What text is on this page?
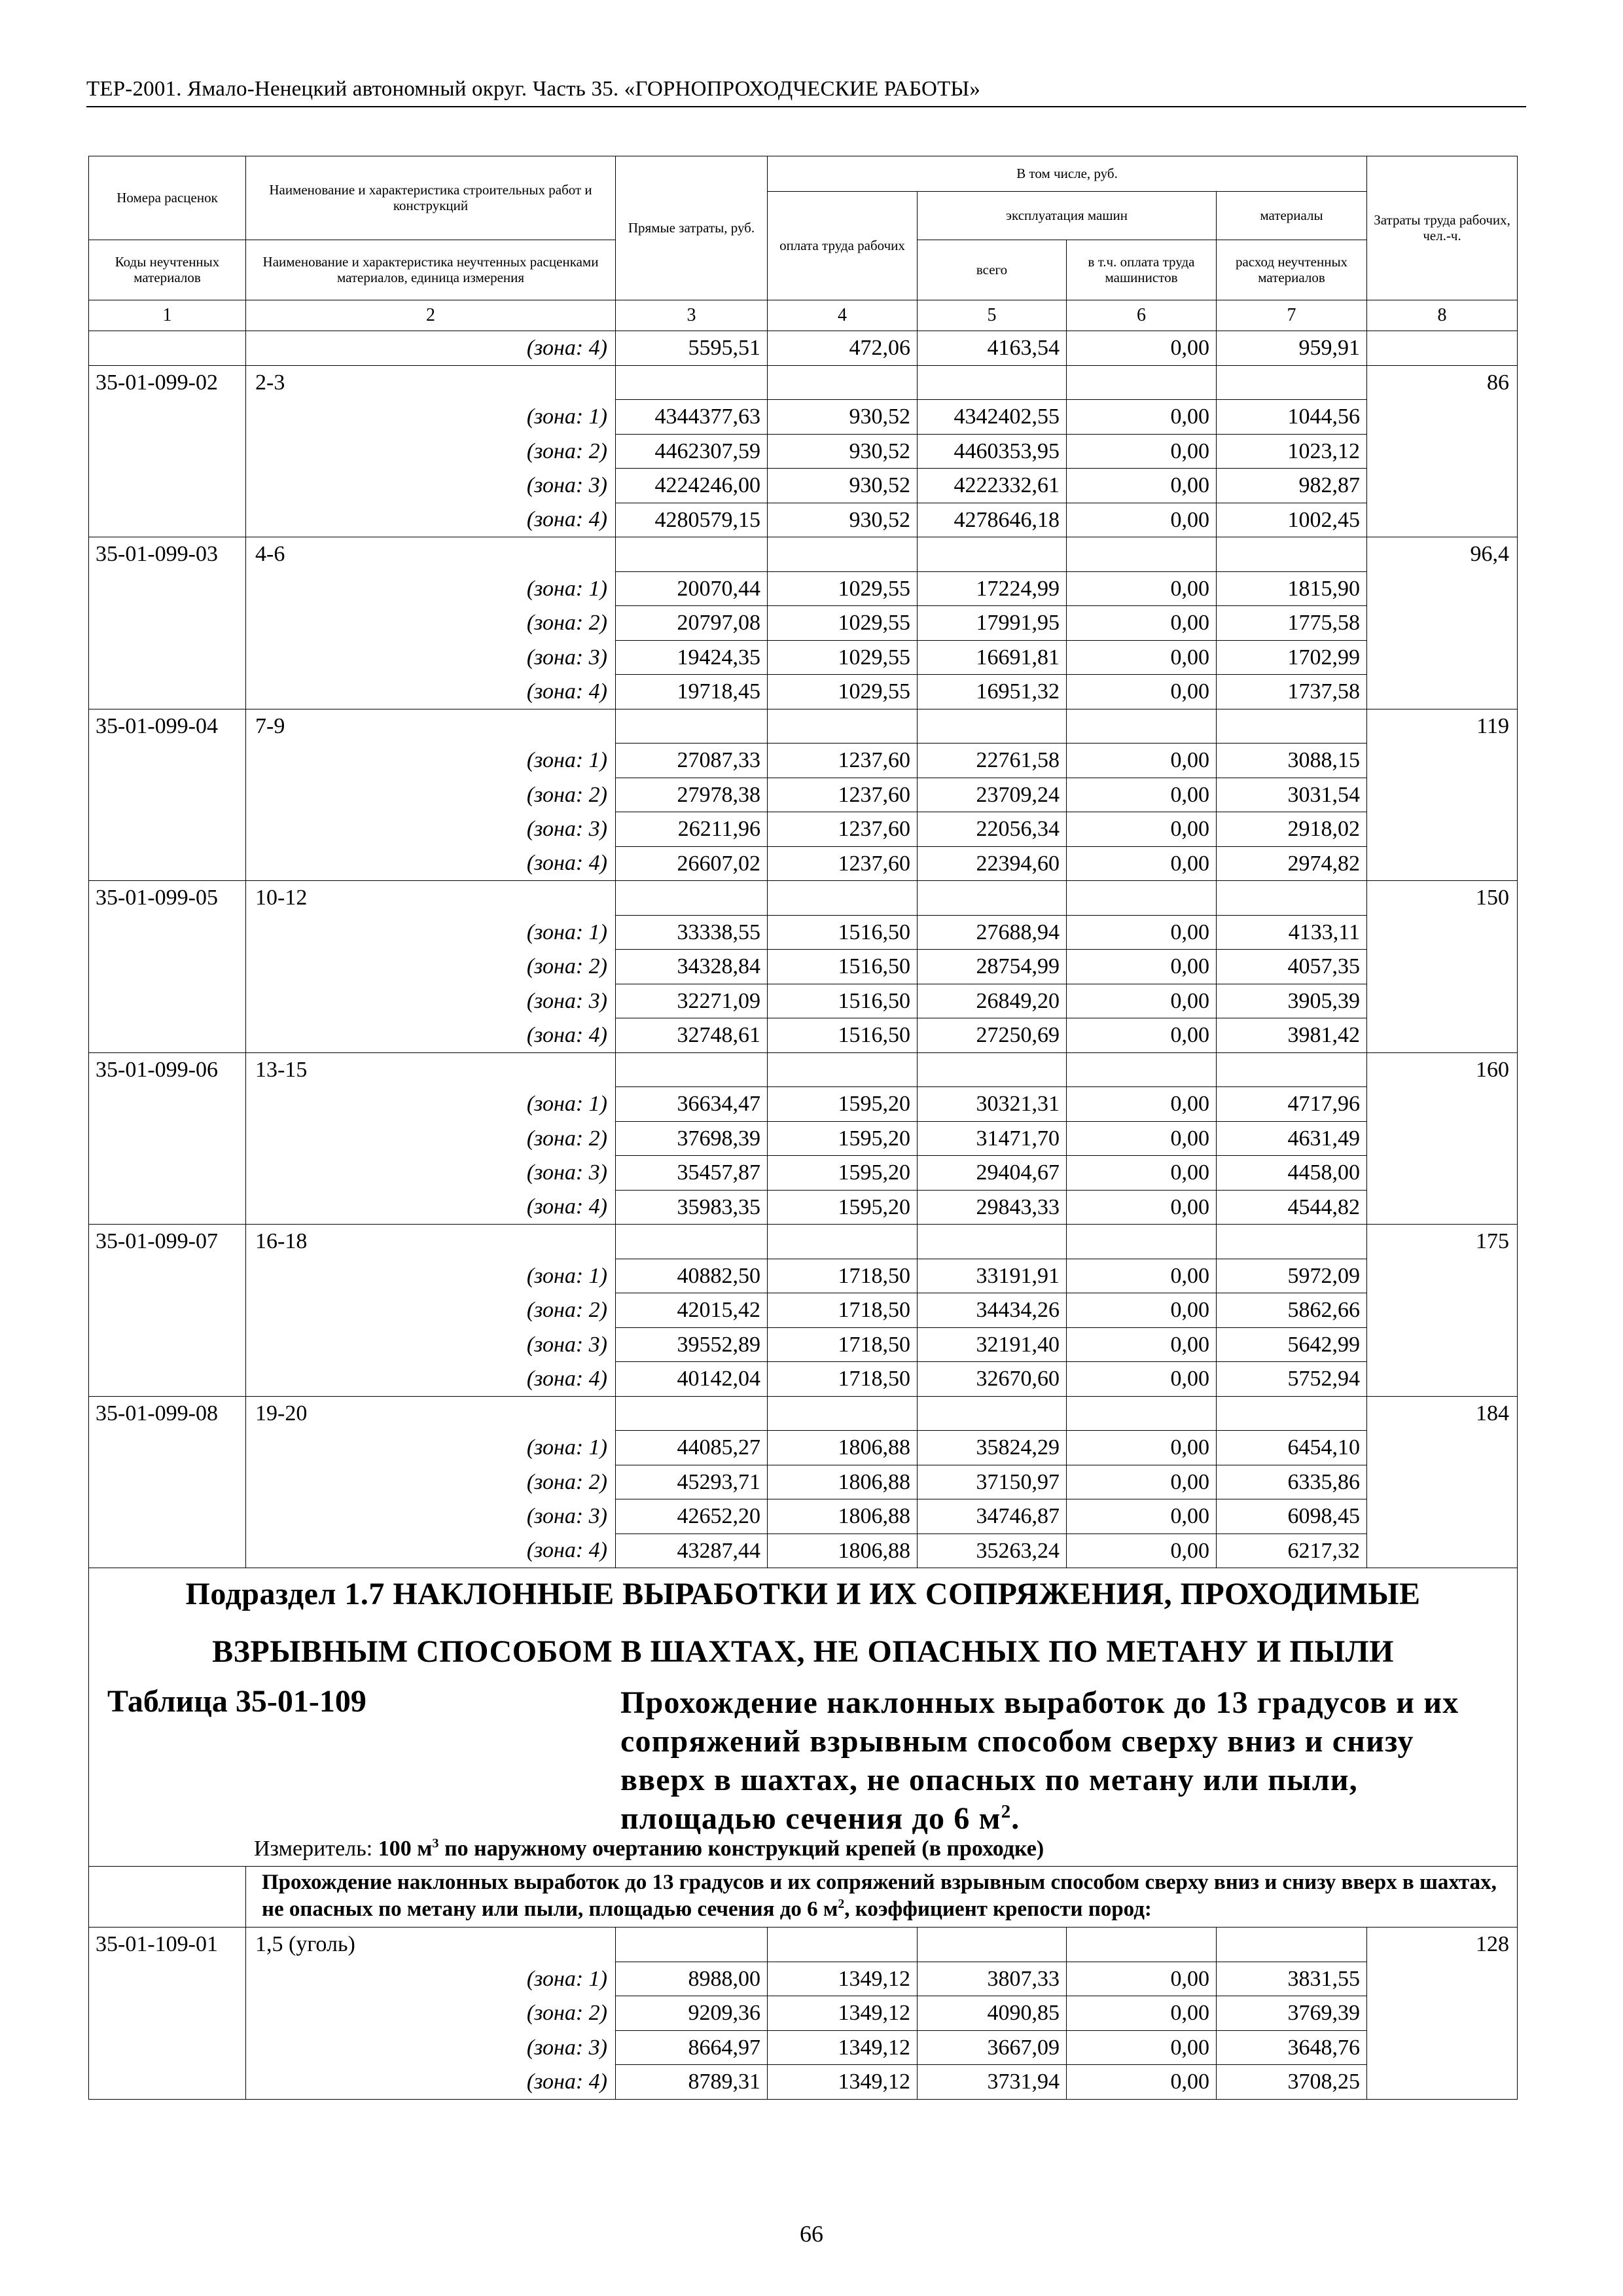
ТЕР-2001. Ямало-Ненецкий автономный округ. Часть 35. «ГОРНОПРОХОДЧЕСКИЕ РАБОТЫ»
Номера расценок	Наименование и характеристика строительных работ и конструкций	Прямые затраты, руб.	В том числе, руб.				Затраты труда рабочих, чел.-ч.
			оплата труда рабочих	эксплуатация машин		материалы	
Коды неучтенных материалов	Наименование и характеристика неучтенных расценками материалов, единица измерения			всего	в т.ч. оплата труда машинистов	расход неучтенных материалов	
1	2	3	4	5	6	7	8
	(зона: 4)	5595,51	472,06	4163,54	0,00	959,91	
35-01-099-02	2-3						86
	(зона: 1)	4344377,63	930,52	4342402,55	0,00	1044,56	
	(зона: 2)	4462307,59	930,52	4460353,95	0,00	1023,12	
	(зона: 3)	4224246,00	930,52	4222332,61	0,00	982,87	
	(зона: 4)	4280579,15	930,52	4278646,18	0,00	1002,45	
35-01-099-03	4-6						96,4
	(зона: 1)	20070,44	1029,55	17224,99	0,00	1815,90	
	(зона: 2)	20797,08	1029,55	17991,95	0,00	1775,58	
	(зона: 3)	19424,35	1029,55	16691,81	0,00	1702,99	
	(зона: 4)	19718,45	1029,55	16951,32	0,00	1737,58	
35-01-099-04	7-9						119
	(зона: 1)	27087,33	1237,60	22761,58	0,00	3088,15	
	(зона: 2)	27978,38	1237,60	23709,24	0,00	3031,54	
	(зона: 3)	26211,96	1237,60	22056,34	0,00	2918,02	
	(зона: 4)	26607,02	1237,60	22394,60	0,00	2974,82	
35-01-099-05	10-12						150
	(зона: 1)	33338,55	1516,50	27688,94	0,00	4133,11	
	(зона: 2)	34328,84	1516,50	28754,99	0,00	4057,35	
	(зона: 3)	32271,09	1516,50	26849,20	0,00	3905,39	
	(зона: 4)	32748,61	1516,50	27250,69	0,00	3981,42	
35-01-099-06	13-15						160
	(зона: 1)	36634,47	1595,20	30321,31	0,00	4717,96	
	(зона: 2)	37698,39	1595,20	31471,70	0,00	4631,49	
	(зона: 3)	35457,87	1595,20	29404,67	0,00	4458,00	
	(зона: 4)	35983,35	1595,20	29843,33	0,00	4544,82	
35-01-099-07	16-18						175
	(зона: 1)	40882,50	1718,50	33191,91	0,00	5972,09	
	(зона: 2)	42015,42	1718,50	34434,26	0,00	5862,66	
	(зона: 3)	39552,89	1718,50	32191,40	0,00	5642,99	
	(зона: 4)	40142,04	1718,50	32670,60	0,00	5752,94	
35-01-099-08	19-20						184
	(зона: 1)	44085,27	1806,88	35824,29	0,00	6454,10	
	(зона: 2)	45293,71	1806,88	37150,97	0,00	6335,86	
	(зона: 3)	42652,20	1806,88	34746,87	0,00	6098,45	
	(зона: 4)	43287,44	1806,88	35263,24	0,00	6217,32	

Подраздел 1.7 НАКЛОННЫЕ ВЫРАБОТКИ И ИХ СОПРЯЖЕНИЯ, ПРОХОДИМЫЕ
ВЗРЫВНЫМ СПОСОБОМ В ШАХТАХ, НЕ ОПАСНЫХ ПО МЕТАНУ И ПЫЛИ
Таблица 35-01-109 Прохождение наклонных выработок до 13 градусов и их сопряжений взрывным способом сверху вниз и снизу вверх в шахтах, не опасных по метану или пыли, площадью сечения до 6 $м^2$.
Измеритель: 100 $м^3$ по наружному очертанию конструкций крепей (в проходке)							

	Прохождение наклонных выработок до 13 градусов и их сопряжений взрывным способом сверху вниз и снизу вверх в шахтах, не опасных по метану или пыли, площадью сечения до 6 $м^2$, коэффициент крепости пород:						
35-01-109-01	1,5 (уголь)						128
	(зона: 1)	8988,00	1349,12	3807,33	0,00	3831,55	
	(зона: 2)	9209,36	1349,12	4090,85	0,00	3769,39	
	(зона: 3)	8664,97	1349,12	3667,09	0,00	3648,76	
	(зона: 4)	8789,31	1349,12	3731,94	0,00	3708,25	
66
